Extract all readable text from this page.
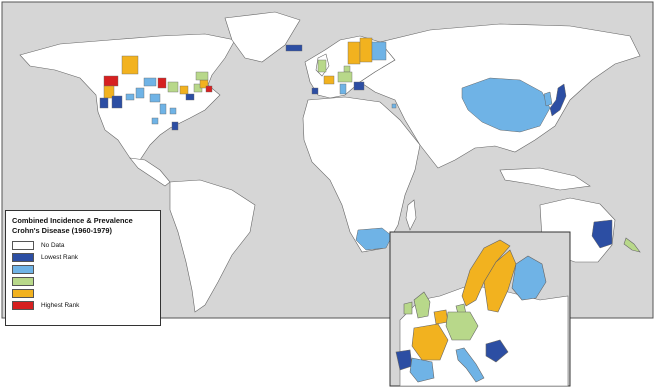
Combined Incidence & Prevalence
Crohn's Disease (1960-1979)
No Data
Lowest Rank
Highest Rank
